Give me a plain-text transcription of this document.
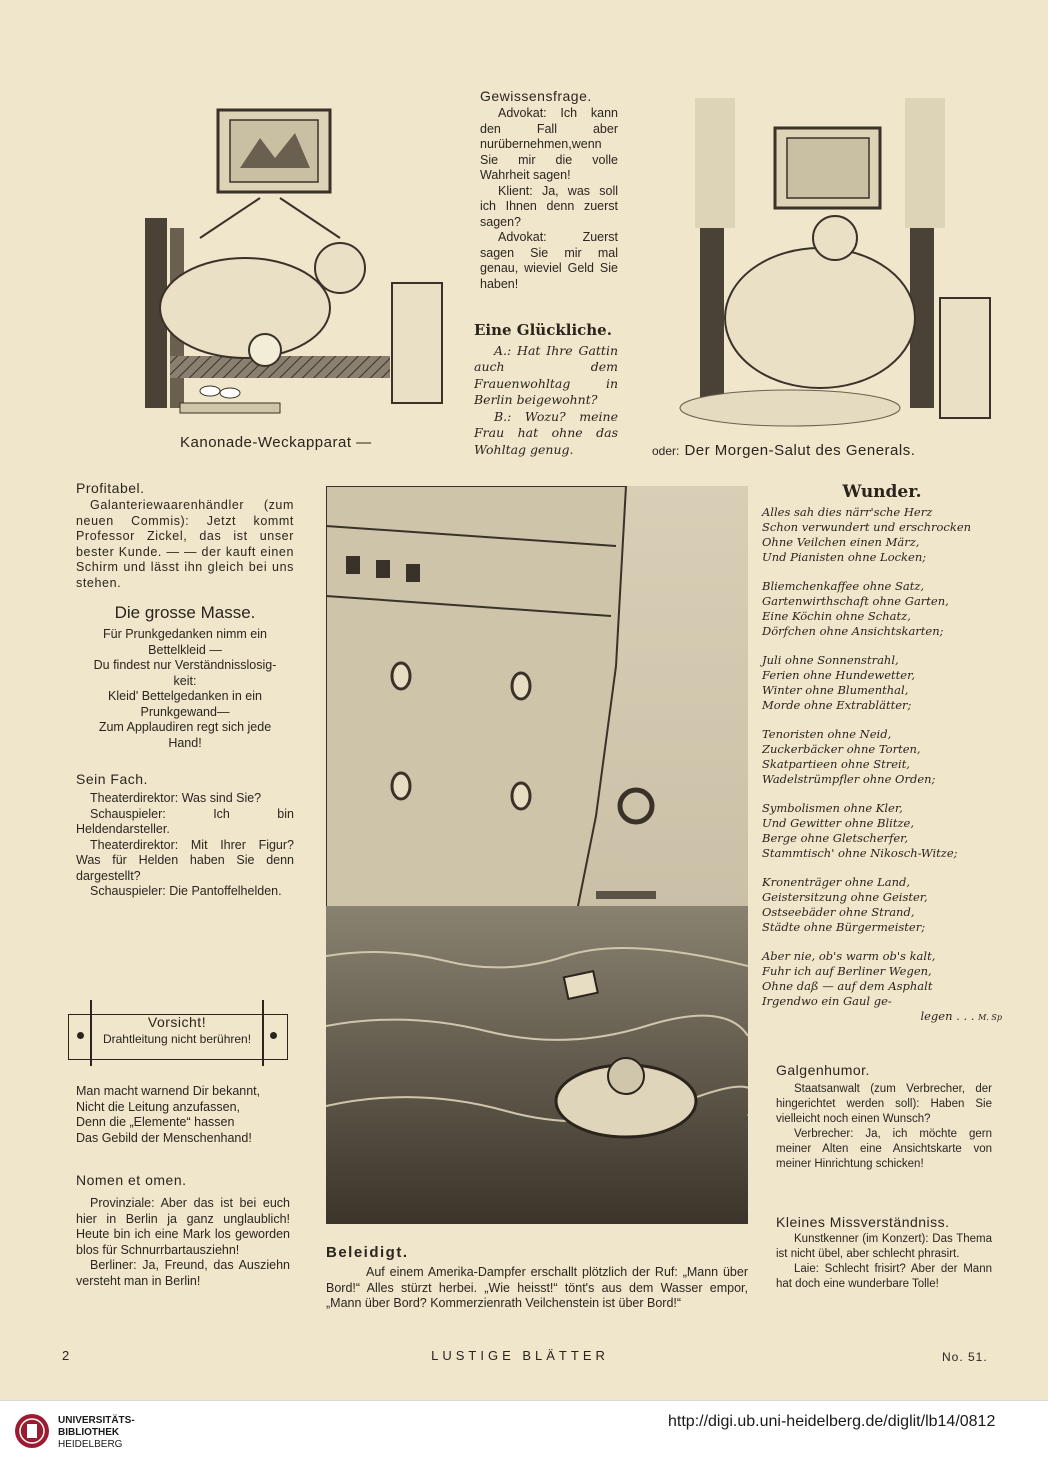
Kanonade-Weckapparat —
Gewissensfrage.

Advokat: Ich kann den Fall aber nurübernehmen,wenn Sie mir die volle Wahrheit sagen!

Klient: Ja, was soll ich Ihnen denn zuerst sagen?

Advokat: Zuerst sagen Sie mir mal genau, wieviel Geld Sie haben!

Eine Glückliche.

A.: Hat Ihre Gattin auch dem Frauenwohltag in Berlin beigewohnt?

B.: Wozu? meine Frau hat ohne das Wohltag genug.	oder: Der Morgen-Salut des Generals.
Profitabel.

Galanteriewaarenhändler (zum neuen Commis): Jetzt kommt Professor Zickel, das ist unser bester Kunde. — — der kauft einen Schirm und lässt ihn gleich bei uns stehen.

Die grosse Masse.

Für Prunkgedanken nimm ein

Bettelkleid —

Du findest nur Verständnisslosig-

keit:

Kleid' Bettelgedanken in ein

Prunkgewand—

Zum Applaudiren regt sich jede

Hand!

Sein Fach.

Theaterdirektor: Was sind Sie?

Schauspieler: Ich bin Heldendarsteller.

Theaterdirektor: Mit Ihrer Figur? Was für Helden haben Sie denn dargestellt?

Schauspieler: Die Pantoffelhelden.

Vorsicht!
Drahtleitung nicht berühren!

Man macht warnend Dir bekannt,

Nicht die Leitung anzufassen,

Denn die „Elemente“ hassen

Das Gebild der Menschenhand!

Nomen et omen.

Provinziale: Aber das ist bei euch hier in Berlin ja ganz unglaublich! Heute bin ich eine Mark los geworden blos für Schnurrbartausziehn!

Berliner: Ja, Freund, das Ausziehn versteht man in Berlin!

Beleidigt.

Auf einem Amerika-Dampfer erschallt plötzlich der Ruf: „Mann über Bord!“ Alles stürzt herbei. „Wie heisst!“ tönt's aus dem Wasser empor, „Mann über Bord? Kommerzienrath Veilchenstein ist über Bord!“

Wunder.

Alles sah dies närr'sche Herz

Schon verwundert und erschrocken

Ohne Veilchen einen März,

Und Pianisten ohne Locken;

Bliemchenkaffee ohne Satz,

Gartenwirthschaft ohne Garten,

Eine Köchin ohne Schatz,

Dörfchen ohne Ansichtskarten;

Juli ohne Sonnenstrahl,

Ferien ohne Hundewetter,

Winter ohne Blumenthal,

Morde ohne Extrablätter;

Tenoristen ohne Neid,

Zuckerbäcker ohne Torten,

Skatpartieen ohne Streit,

Wadelstrümpfler ohne Orden;

Symbolismen ohne Kler,

Und Gewitter ohne Blitze,

Berge ohne Gletscherfer,

Stammtisch' ohne Nikosch-Witze;

Kronenträger ohne Land,

Geistersitzung ohne Geister,

Ostseebäder ohne Strand,

Städte ohne Bürgermeister;

Aber nie, ob's warm ob's kalt,

Fuhr ich auf Berliner Wegen,

Ohne daß — auf dem Asphalt

Irgendwo ein Gaul ge-

legen . . . M. Sp

Galgenhumor.

Staatsanwalt (zum Verbrecher, der hingerichtet werden soll): Haben Sie vielleicht noch einen Wunsch?

Verbrecher: Ja, ich möchte gern meiner Alten eine Ansichtskarte von meiner Hinrichtung schicken!

Kleines Missverständniss.

Kunstkenner (im Konzert): Das Thema ist nicht übel, aber schlecht phrasirt.

Laie: Schlecht frisirt? Aber der Mann hat doch eine wunderbare Tolle!

2	LUSTIGE BLÄTTER	No. 51.
UNIVERSITÄTS-
BIBLIOTHEK
HEIDELBERG
http://digi.ub.uni-heidelberg.de/diglit/lb14/0812
